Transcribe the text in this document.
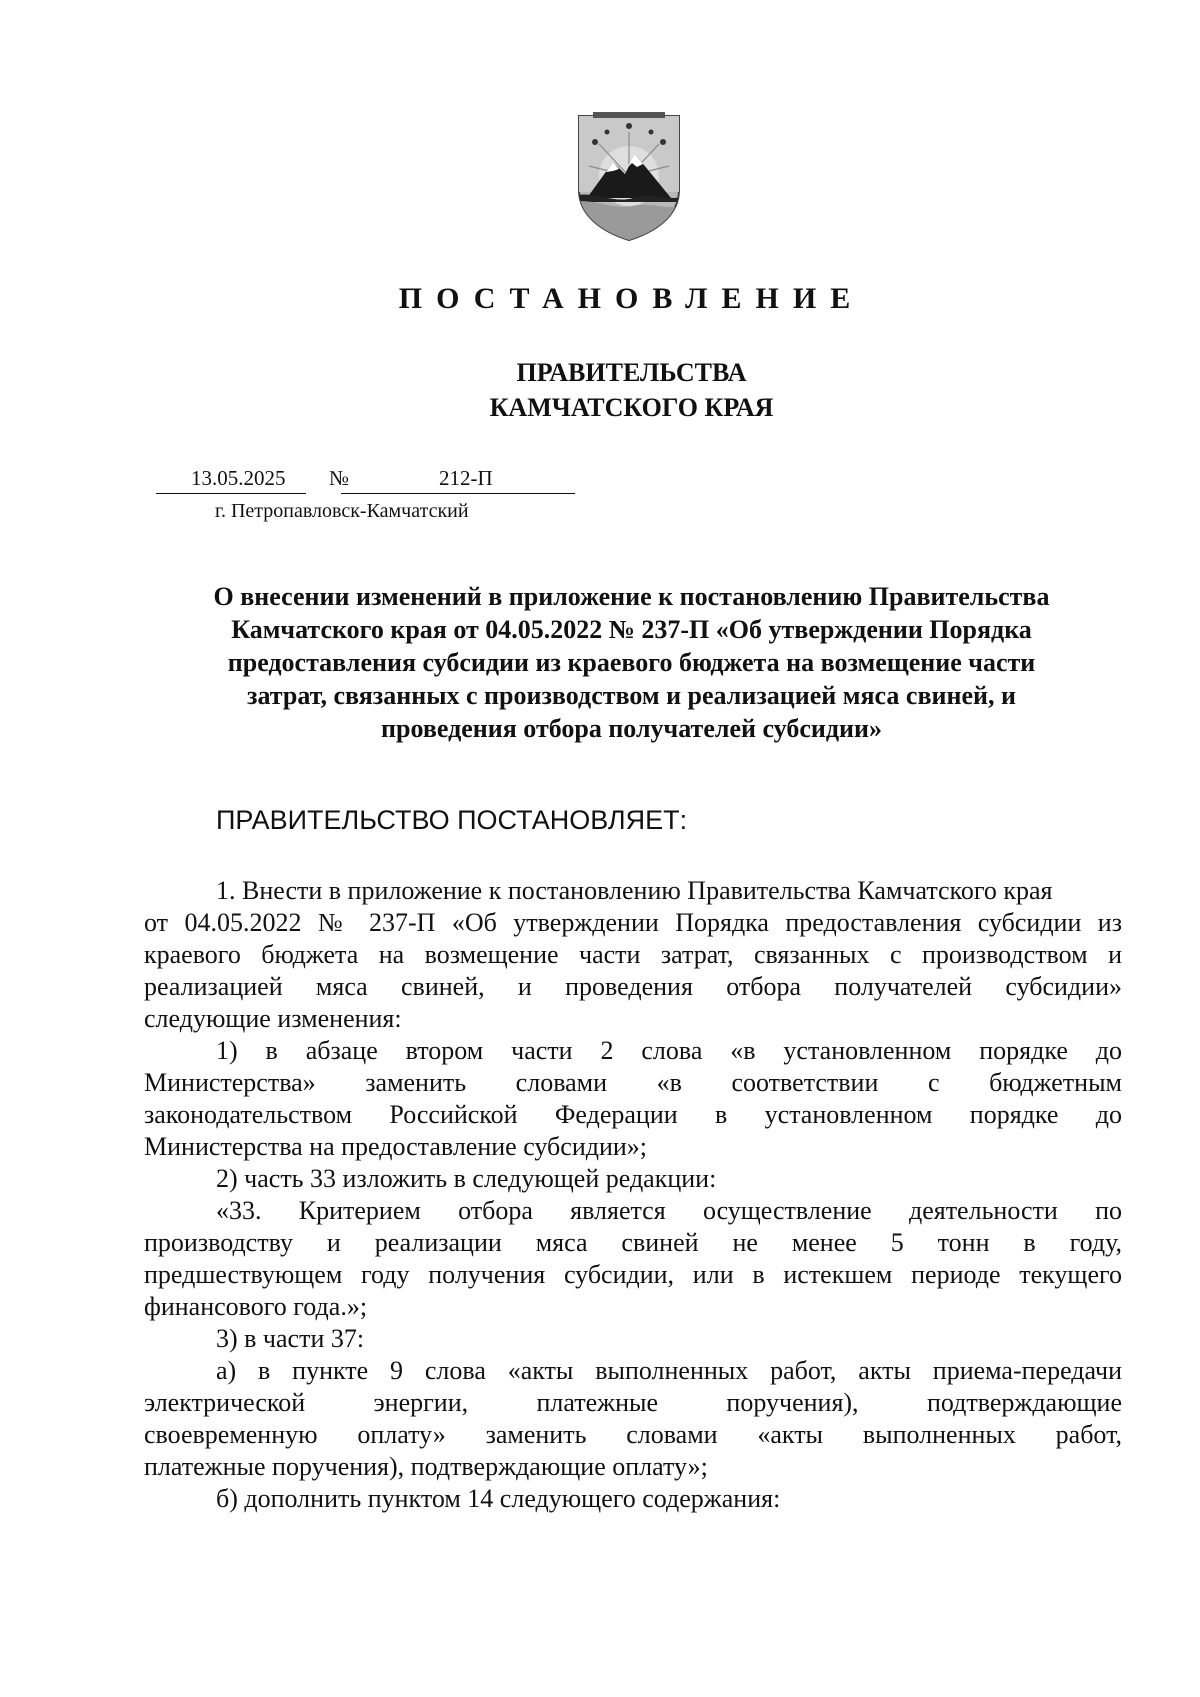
ПОСТАНОВЛЕНИЕ
ПРАВИТЕЛЬСТВА
КАМЧАТСКОГО КРАЯ
13.05.2025 №	212-П
г. Петропавловск-Камчатский
О внесении изменений в приложение к постановлению Правительства
Камчатского края от 04.05.2022 № 237-П «Об утверждении Порядка
предоставления субсидии из краевого бюджета на возмещение части
затрат, связанных с производством и реализацией мяса свиней, и
проведения отбора получателей субсидии»
ПРАВИТЕЛЬСТВО ПОСТАНОВЛЯЕТ:
1. Внести в приложение к постановлению Правительства Камчатского края
от 04.05.2022 № 237-П «Об утверждении Порядка предоставления субсидии из
краевого бюджета на возмещение части затрат, связанных с производством и
реализацией мяса свиней, и проведения отбора получателей субсидии»
следующие изменения:
1) в абзаце втором части 2 слова «в установленном порядке до
Министерства» заменить словами «в соответствии с бюджетным
законодательством Российской Федерации в установленном порядке до
Министерства на предоставление субсидии»;
2) часть 33 изложить в следующей редакции:
«33. Критерием отбора является осуществление деятельности по
производству и реализации мяса свиней не менее 5 тонн в году,
предшествующем году получения субсидии, или в истекшем периоде текущего
финансового года.»;
3) в части 37:
а) в пункте 9 слова «акты выполненных работ, акты приема-передачи
электрической энергии, платежные поручения), подтверждающие
своевременную оплату» заменить словами «акты выполненных работ,
платежные поручения), подтверждающие оплату»;
б) дополнить пунктом 14 следующего содержания:
